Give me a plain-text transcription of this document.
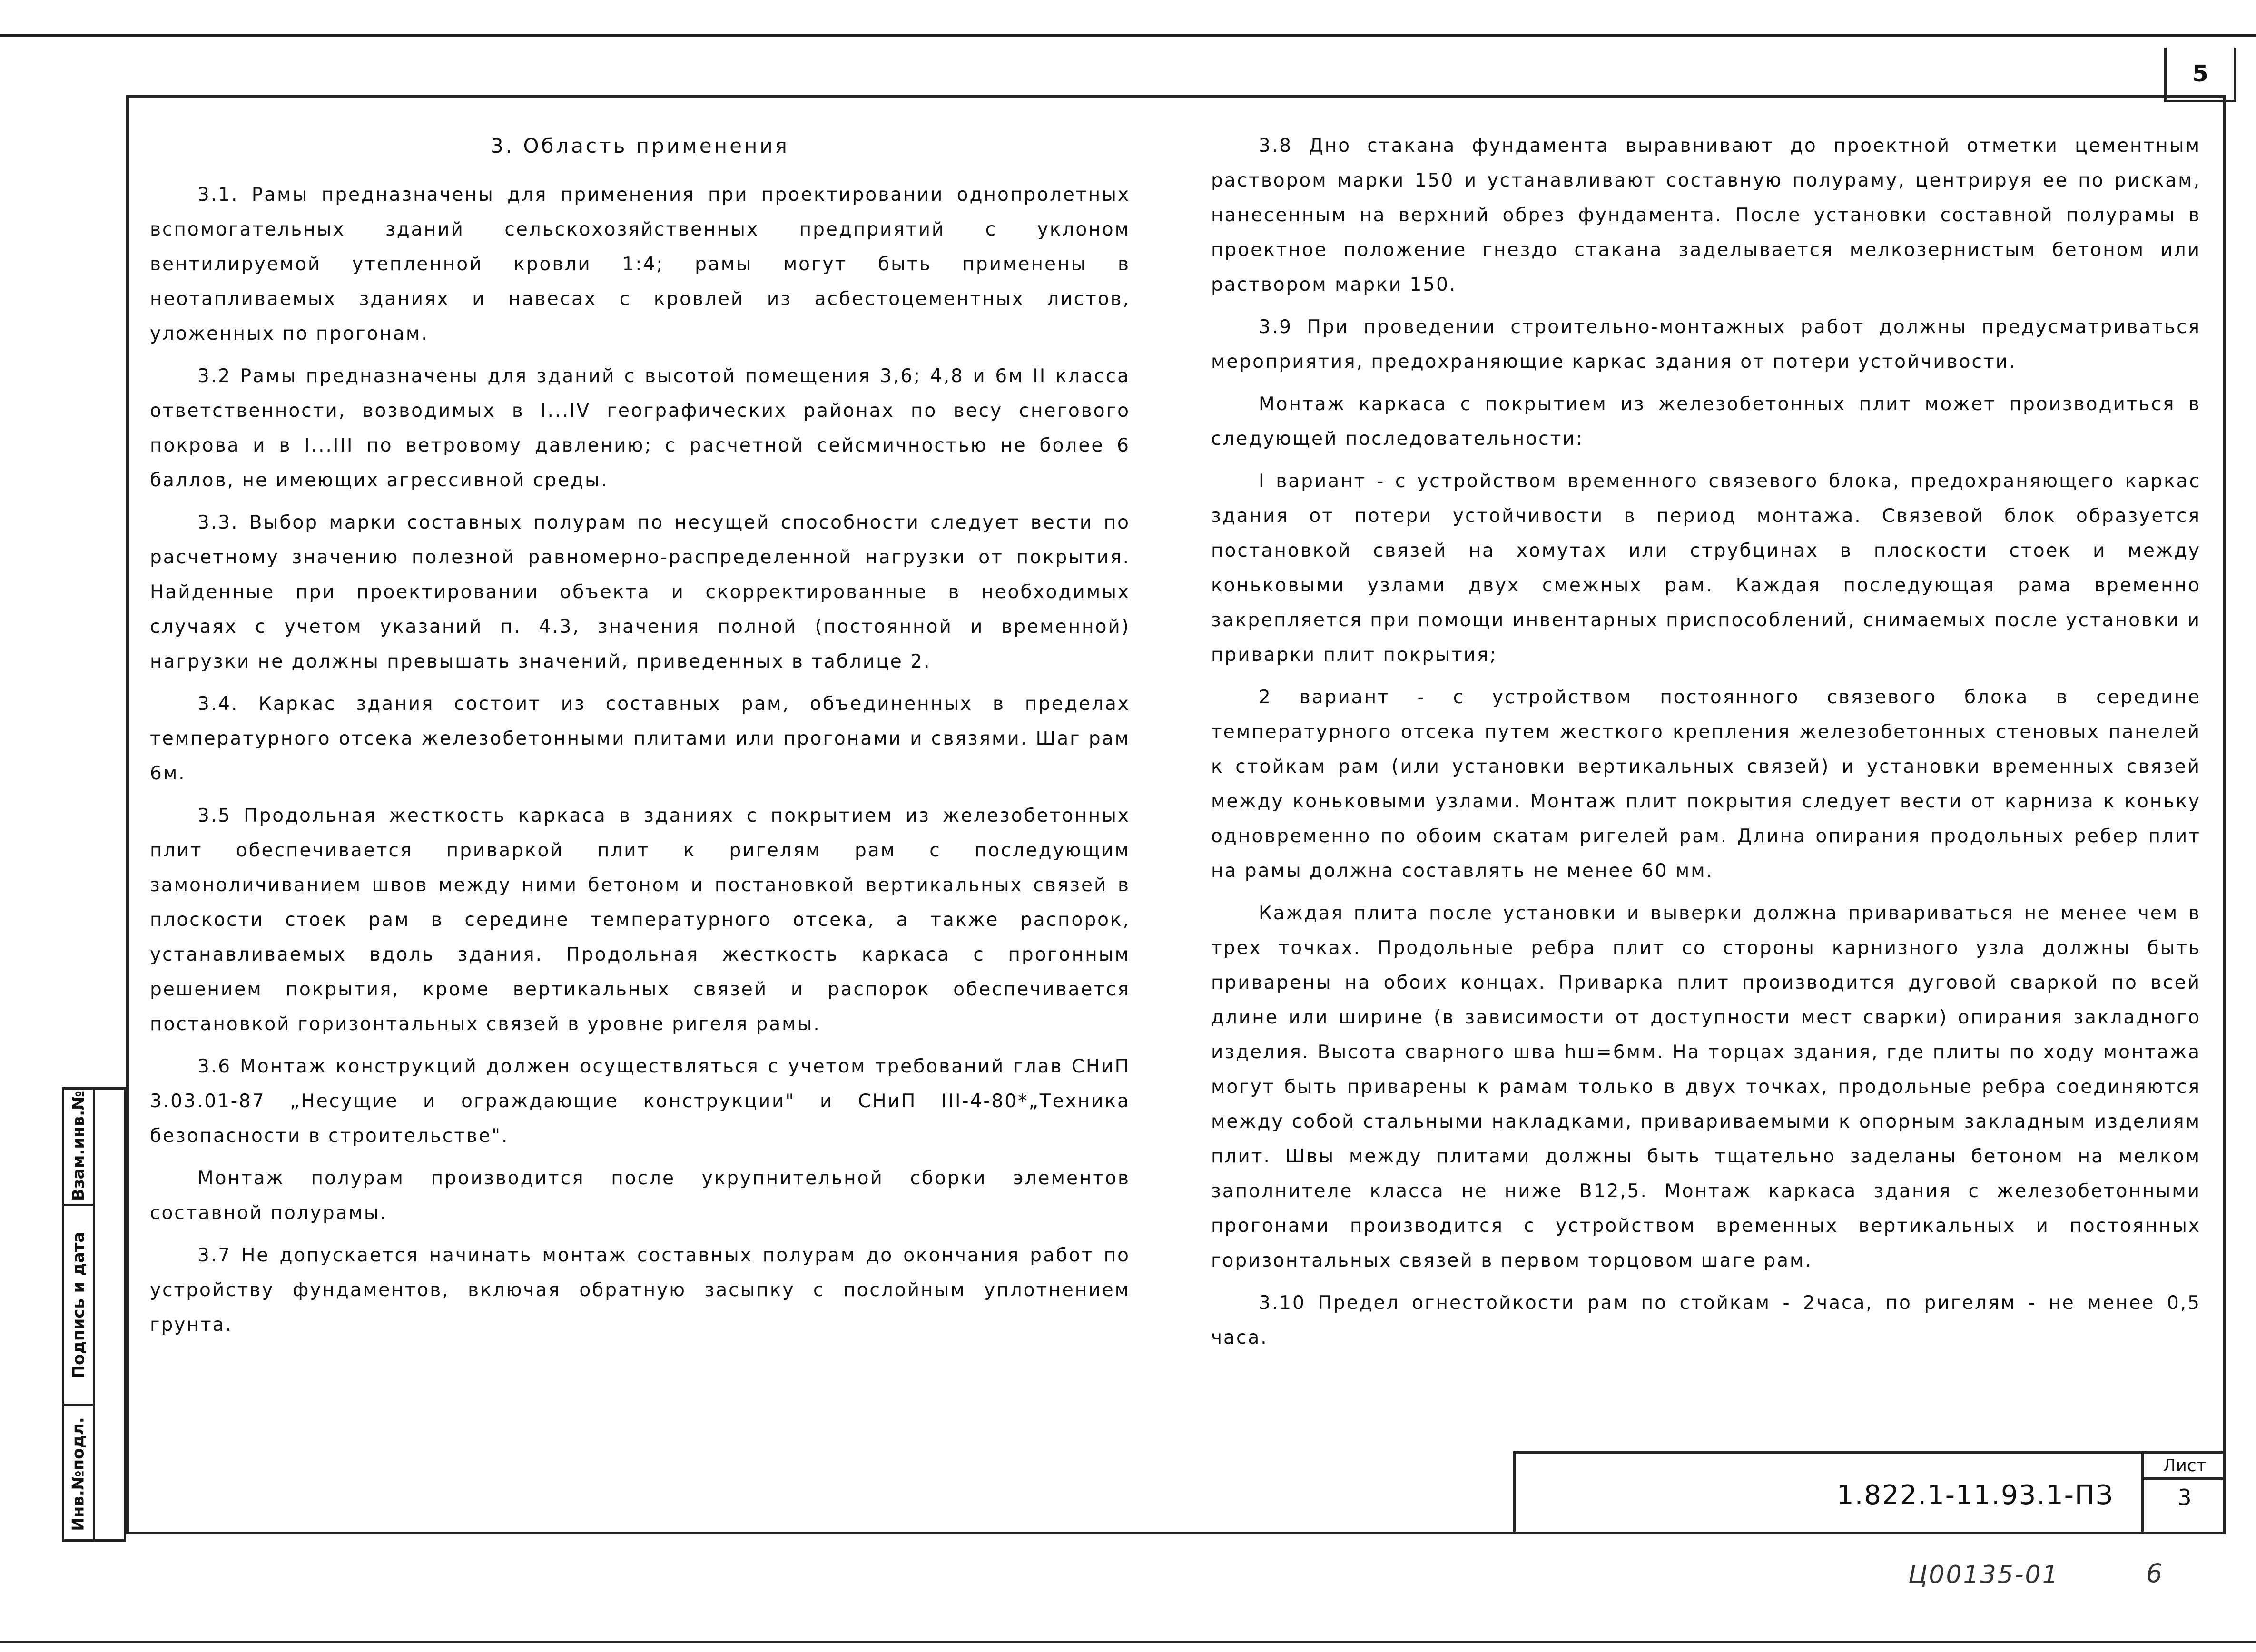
5
Взам.инв.№
Подпись и дата
Инв.№подл.
3. Область применения

3.1. Рамы предназначены для применения при проектировании однопролетных вспомогательных зданий сельскохозяйственных предприятий с уклоном вентилируемой утепленной кровли 1:4; рамы могут быть применены в неотапливаемых зданиях и навесах с кровлей из асбестоцементных листов, уложенных по прогонам.

3.2 Рамы предназначены для зданий с высотой помещения 3,6; 4,8 и 6м II класса ответственности, возводимых в I...IV географических районах по весу снегового покрова и в I...III по ветровому давлению; с расчетной сейсмичностью не более 6 баллов, не имеющих агрессивной среды.

3.3. Выбор марки составных полурам по несущей способности следует вести по расчетному значению полезной равномерно-распределенной нагрузки от покрытия. Найденные при проектировании объекта и скорректированные в необходимых случаях с учетом указаний п. 4.3, значения полной (постоянной и временной) нагрузки не должны превышать значений, приведенных в таблице 2.

3.4. Каркас здания состоит из составных рам, объединенных в пределах температурного отсека железобетонными плитами или прогонами и связями. Шаг рам 6м.

3.5 Продольная жесткость каркаса в зданиях с покрытием из железобетонных плит обеспечивается приваркой плит к ригелям рам с последующим замоноличиванием швов между ними бетоном и постановкой вертикальных связей в плоскости стоек рам в середине температурного отсека, а также распорок, устанавливаемых вдоль здания. Продольная жесткость каркаса с прогонным решением покрытия, кроме вертикальных связей и распорок обеспечивается постановкой горизонтальных связей в уровне ригеля рамы.

3.6 Монтаж конструкций должен осуществляться с учетом требований глав СНиП 3.03.01-87 „Несущие и ограждающие конструкции" и СНиП III-4-80*„Техника безопасности в строительстве".

Монтаж полурам производится после укрупнительной сборки элементов составной полурамы.

3.7 Не допускается начинать монтаж составных полурам до окончания работ по устройству фундаментов, включая обратную засыпку с послойным уплотнением грунта.

3.8 Дно стакана фундамента выравнивают до проектной отметки цементным раствором марки 150 и устанавливают составную полураму, центрируя ее по рискам, нанесенным на верхний обрез фундамента. После установки составной полурамы в проектное положение гнездо стакана заделывается мелкозернистым бетоном или раствором марки 150.

3.9 При проведении строительно-монтажных работ должны предусматриваться мероприятия, предохраняющие каркас здания от потери устойчивости.

Монтаж каркаса с покрытием из железобетонных плит может производиться в следующей последовательности:

I вариант - с устройством временного связевого блока, предохраняющего каркас здания от потери устойчивости в период монтажа. Связевой блок образуется постановкой связей на хомутах или струбцинах в плоскости стоек и между коньковыми узлами двух смежных рам. Каждая последующая рама временно закрепляется при помощи инвентарных приспособлений, снимаемых после установки и приварки плит покрытия;

2 вариант - с устройством постоянного связевого блока в середине температурного отсека путем жесткого крепления железобетонных стеновых панелей к стойкам рам (или установки вертикальных связей) и установки временных связей между коньковыми узлами. Монтаж плит покрытия следует вести от карниза к коньку одновременно по обоим скатам ригелей рам. Длина опирания продольных ребер плит на рамы должна составлять не менее 60 мм.

Каждая плита после установки и выверки должна привариваться не менее чем в трех точках. Продольные ребра плит со стороны карнизного узла должны быть приварены на обоих концах. Приварка плит производится дуговой сваркой по всей длине или ширине (в зависимости от доступности мест сварки) опирания закладного изделия. Высота сварного шва hш=6мм. На торцах здания, где плиты по ходу монтажа могут быть приварены к рамам только в двух точках, продольные ребра соединяются между собой стальными накладками, привариваемыми к опорным закладным изделиям плит. Швы между плитами должны быть тщательно заделаны бетоном на мелком заполнителе класса не ниже В12,5. Монтаж каркаса здания с железобетонными прогонами производится с устройством временных вертикальных и постоянных горизонтальных связей в первом торцовом шаге рам.

3.10 Предел огнестойкости рам по стойкам - 2часа, по ригелям - не менее 0,5 часа.

1.822.1-11.93.1-ПЗ
Лист
3
Ц00135-01	6
